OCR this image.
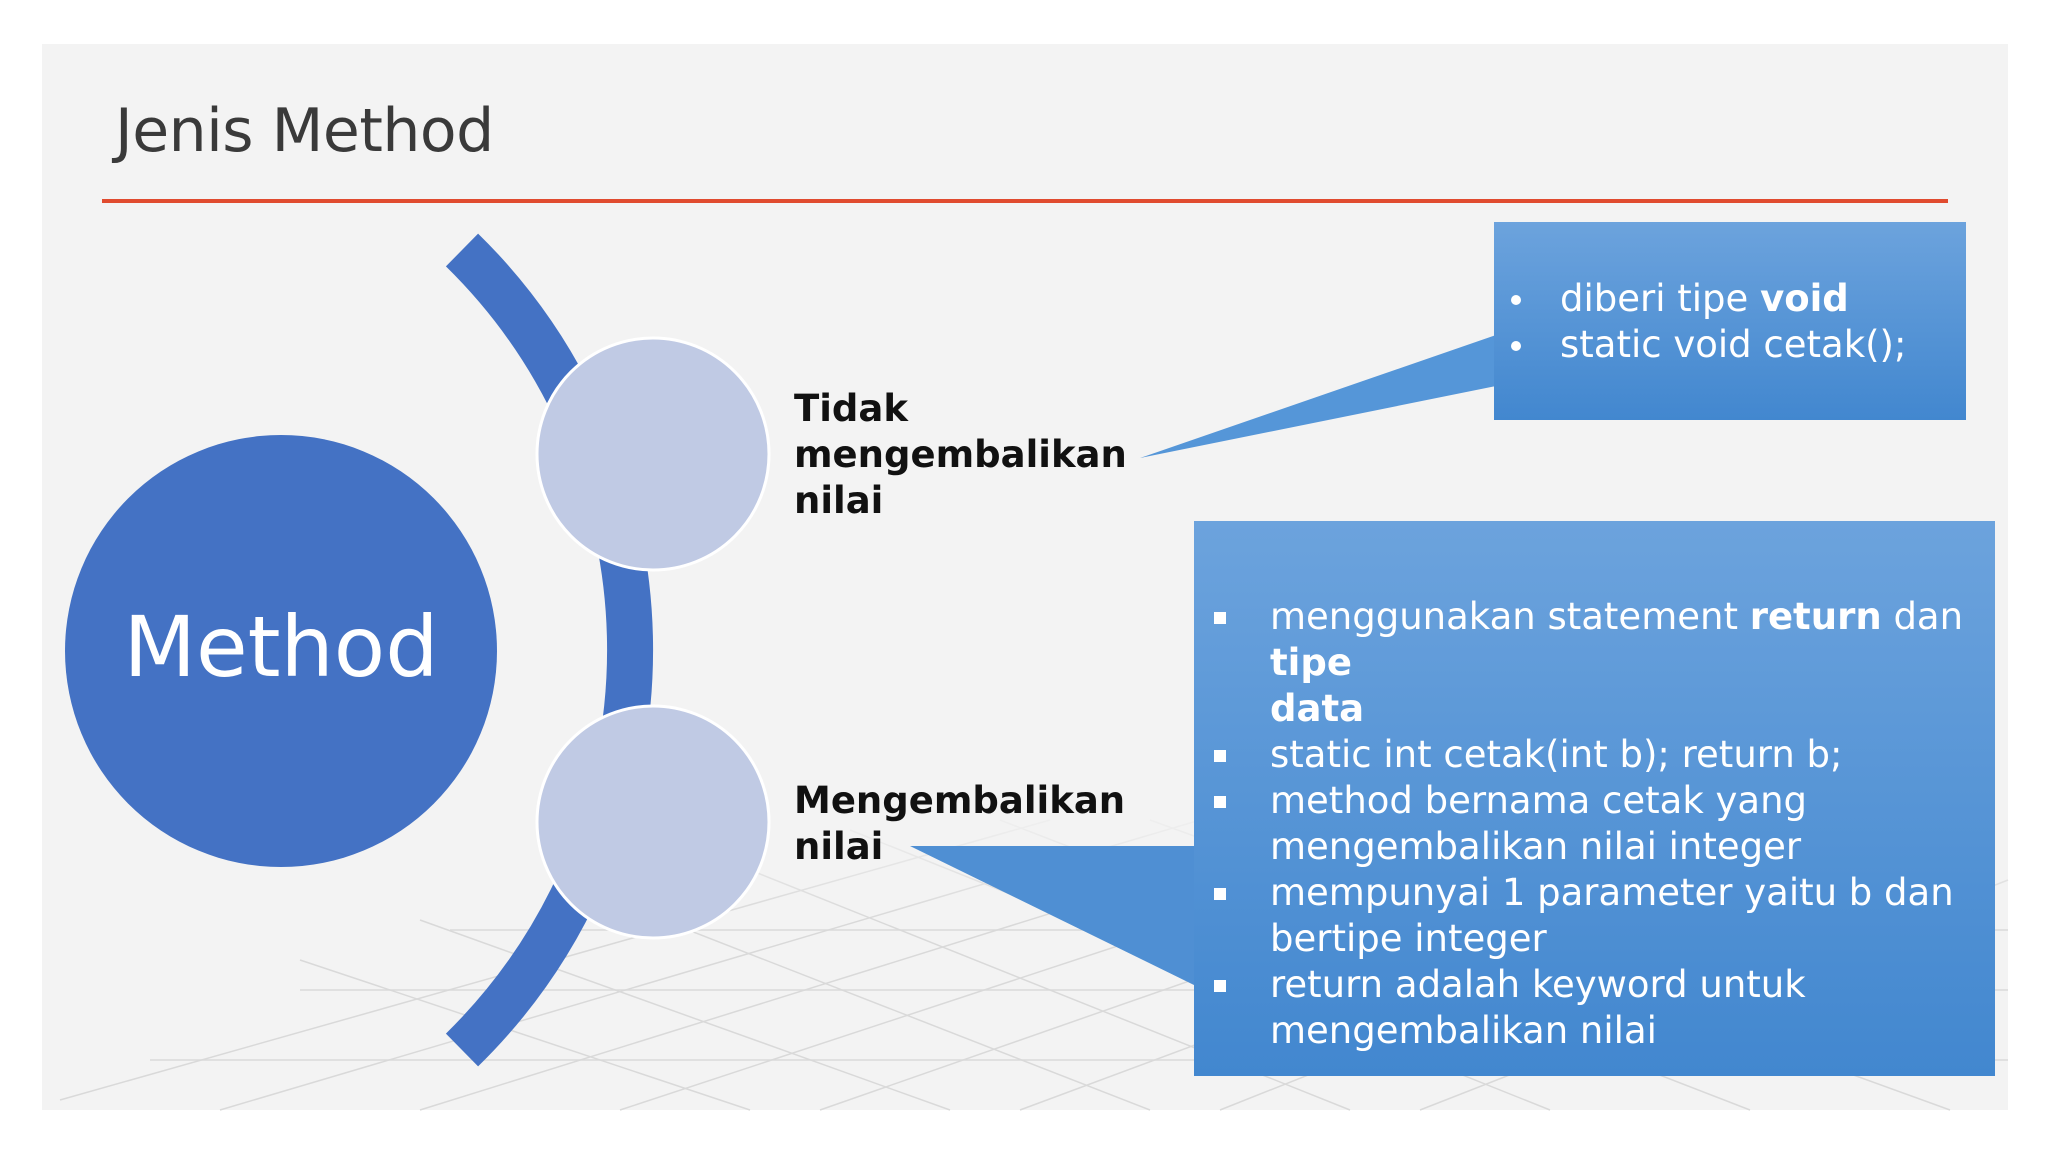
Jenis Method
Method
Tidak
mengembalikan
nilai
Mengembalikan
nilai
diberi tipe void
static void cetak();
menggunakan statement return dan tipe
data
static int cetak(int b); return b;
method bernama cetak yang
mengembalikan nilai integer
mempunyai 1 parameter yaitu b dan
bertipe integer
return adalah keyword untuk
mengembalikan nilai
